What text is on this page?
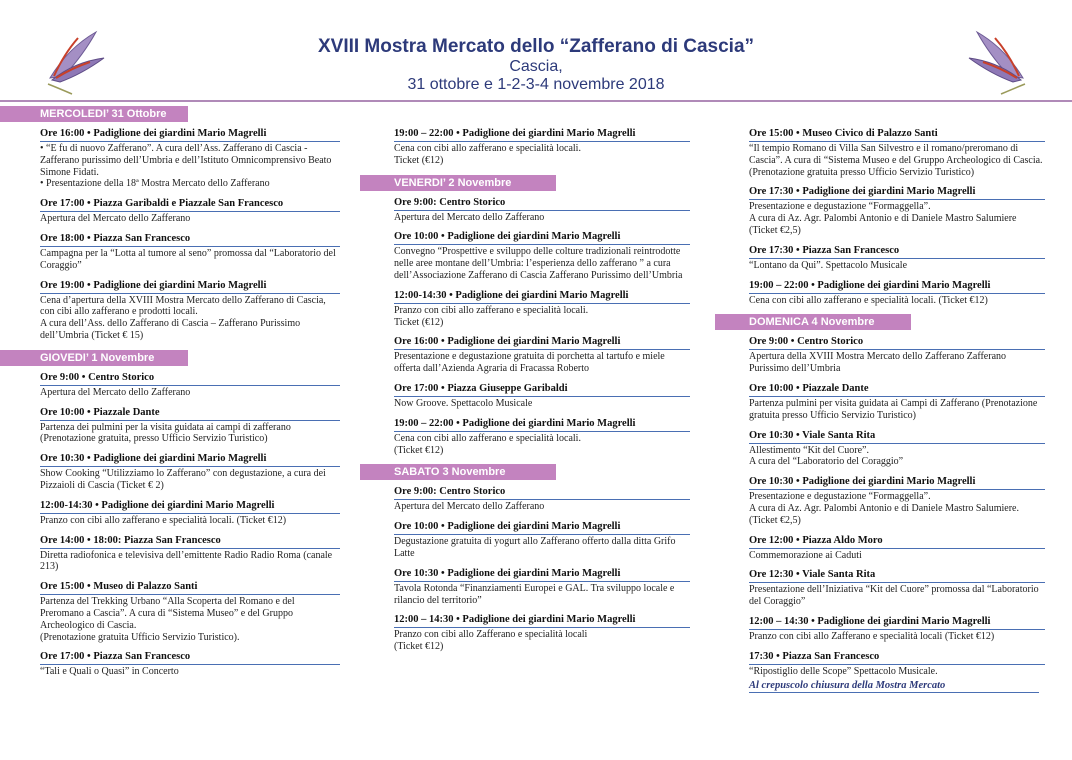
XVIII Mostra Mercato dello “Zafferano di Cascia”
Cascia,
31 ottobre e 1-2-3-4 novembre 2018
MERCOLEDI’ 31 Ottobre
Ore 16:00 • Padiglione dei giardini Mario Magrelli
• “E fu di nuovo Zafferano”. A cura dell’Ass. Zafferano di Cascia - Zafferano purissimo dell’Umbria e dell’Istituto Omnicomprensivo Beato Simone Fidati.
• Presentazione della 18ª Mostra Mercato dello Zafferano
Ore 17:00 • Piazza Garibaldi e Piazzale San Francesco
Apertura del Mercato dello Zafferano
Ore 18:00 • Piazza San Francesco
Campagna per la “Lotta al tumore al seno” promossa dal “Laboratorio del Coraggio”
Ore 19:00 • Padiglione dei giardini Mario Magrelli
Cena d’apertura della XVIII Mostra Mercato dello Zafferano di Cascia, con cibi allo zafferano e prodotti locali.
A cura dell’Ass. dello Zafferano di Cascia – Zafferano Purissimo dell’Umbria (Ticket € 15)
GIOVEDI’ 1 Novembre
Ore 9:00 • Centro Storico
Apertura del Mercato dello Zafferano
Ore 10:00 • Piazzale Dante
Partenza dei pulmini per la visita guidata ai campi di zafferano (Prenotazione gratuita, presso Ufficio Servizio Turistico)
Ore 10:30 • Padiglione dei giardini Mario Magrelli
Show Cooking “Utilizziamo lo Zafferano” con degustazione, a cura dei Pizzaioli di Cascia (Ticket € 2)
12:00-14:30 • Padiglione dei giardini Mario Magrelli
Pranzo con cibi allo zafferano e specialità locali. (Ticket €12)
Ore 14:00 • 18:00: Piazza San Francesco
Diretta radiofonica e televisiva dell’emittente Radio Radio Roma (canale 213)
Ore 15:00 • Museo di Palazzo Santi
Partenza del Trekking Urbano “Alla Scoperta del Romano e del Preromano a Cascia”. A cura di “Sistema Museo” e del Gruppo Archeologico di Cascia.
(Prenotazione gratuita Ufficio Servizio Turistico).
Ore 17:00 • Piazza San Francesco
“Tali e Quali o Quasi” in Concerto
19:00 – 22:00 • Padiglione dei giardini Mario Magrelli
Cena con cibi allo zafferano e specialità locali.
Ticket (€12)
VENERDI’ 2 Novembre
Ore 9:00: Centro Storico
Apertura del Mercato dello Zafferano
Ore 10:00 • Padiglione dei giardini Mario Magrelli
Convegno “Prospettive e sviluppo delle colture tradizionali reintrodotte nelle aree montane dell’Umbria: l’esperienza dello zafferano ” a cura dell’Associazione Zafferano di Cascia Zafferano Purissimo dell’Umbria
12:00-14:30 • Padiglione dei giardini Mario Magrelli
Pranzo con cibi allo zafferano e specialità locali.
Ticket (€12)
Ore 16:00 • Padiglione dei giardini Mario Magrelli
Presentazione e degustazione gratuita di porchetta al tartufo e miele offerta dall’Azienda Agraria di Fracassa Roberto
Ore 17:00 • Piazza Giuseppe Garibaldi
Now Groove. Spettacolo Musicale
19:00 – 22:00 • Padiglione dei giardini Mario Magrelli
Cena con cibi allo zafferano e specialità locali.
(Ticket €12)
SABATO 3 Novembre
Ore 9:00: Centro Storico
Apertura del Mercato dello Zafferano
Ore 10:00 • Padiglione dei giardini Mario Magrelli
Degustazione gratuita di yogurt allo Zafferano offerto dalla ditta Grifo Latte
Ore 10:30 • Padiglione dei giardini Mario Magrelli
Tavola Rotonda “Finanziamenti Europei e GAL. Tra sviluppo locale e rilancio del territorio”
12:00 – 14:30 • Padiglione dei giardini Mario Magrelli
Pranzo con cibi allo Zafferano e specialità locali
(Ticket €12)
Ore 15:00 • Museo Civico di Palazzo Santi
“Il tempio Romano di Villa San Silvestro e il romano/preromano di Cascia”. A cura di “Sistema Museo e del Gruppo Archeologico di Cascia.
(Prenotazione gratuita presso Ufficio Servizio Turistico)
Ore 17:30 • Padiglione dei giardini Mario Magrelli
Presentazione e degustazione “Formaggella”.
A cura di Az. Agr. Palombi Antonio e di Daniele Mastro Salumiere (Ticket €2,5)
Ore 17:30 • Piazza San Francesco
“Lontano da Qui”. Spettacolo Musicale
19:00 – 22:00 • Padiglione dei giardini Mario Magrelli
Cena con cibi allo zafferano e specialità locali. (Ticket €12)
DOMENICA 4 Novembre
Ore 9:00 • Centro Storico
Apertura della XVIII Mostra Mercato dello Zafferano Zafferano Purissimo dell’Umbria
Ore 10:00 • Piazzale Dante
Partenza pulmini per visita guidata ai Campi di Zafferano (Prenotazione gratuita presso Ufficio Servizio Turistico)
Ore 10:30 • Viale Santa Rita
Allestimento “Kit del Cuore”.
A cura del “Laboratorio del Coraggio”
Ore 10:30 • Padiglione dei giardini Mario Magrelli
Presentazione e degustazione “Formaggella”.
A cura di Az. Agr. Palombi Antonio e di Daniele Mastro Salumiere. (Ticket €2,5)
Ore 12:00 • Piazza Aldo Moro
Commemorazione ai Caduti
Ore 12:30 • Viale Santa Rita
Presentazione dell’Iniziativa “Kit del Cuore” promossa dal “Laboratorio del Coraggio”
12:00 – 14:30 • Padiglione dei giardini Mario Magrelli
Pranzo con cibi allo Zafferano e specialità locali (Ticket €12)
17:30 • Piazza San Francesco
“Ripostiglio delle Scope” Spettacolo Musicale.
Al crepuscolo chiusura della Mostra Mercato
